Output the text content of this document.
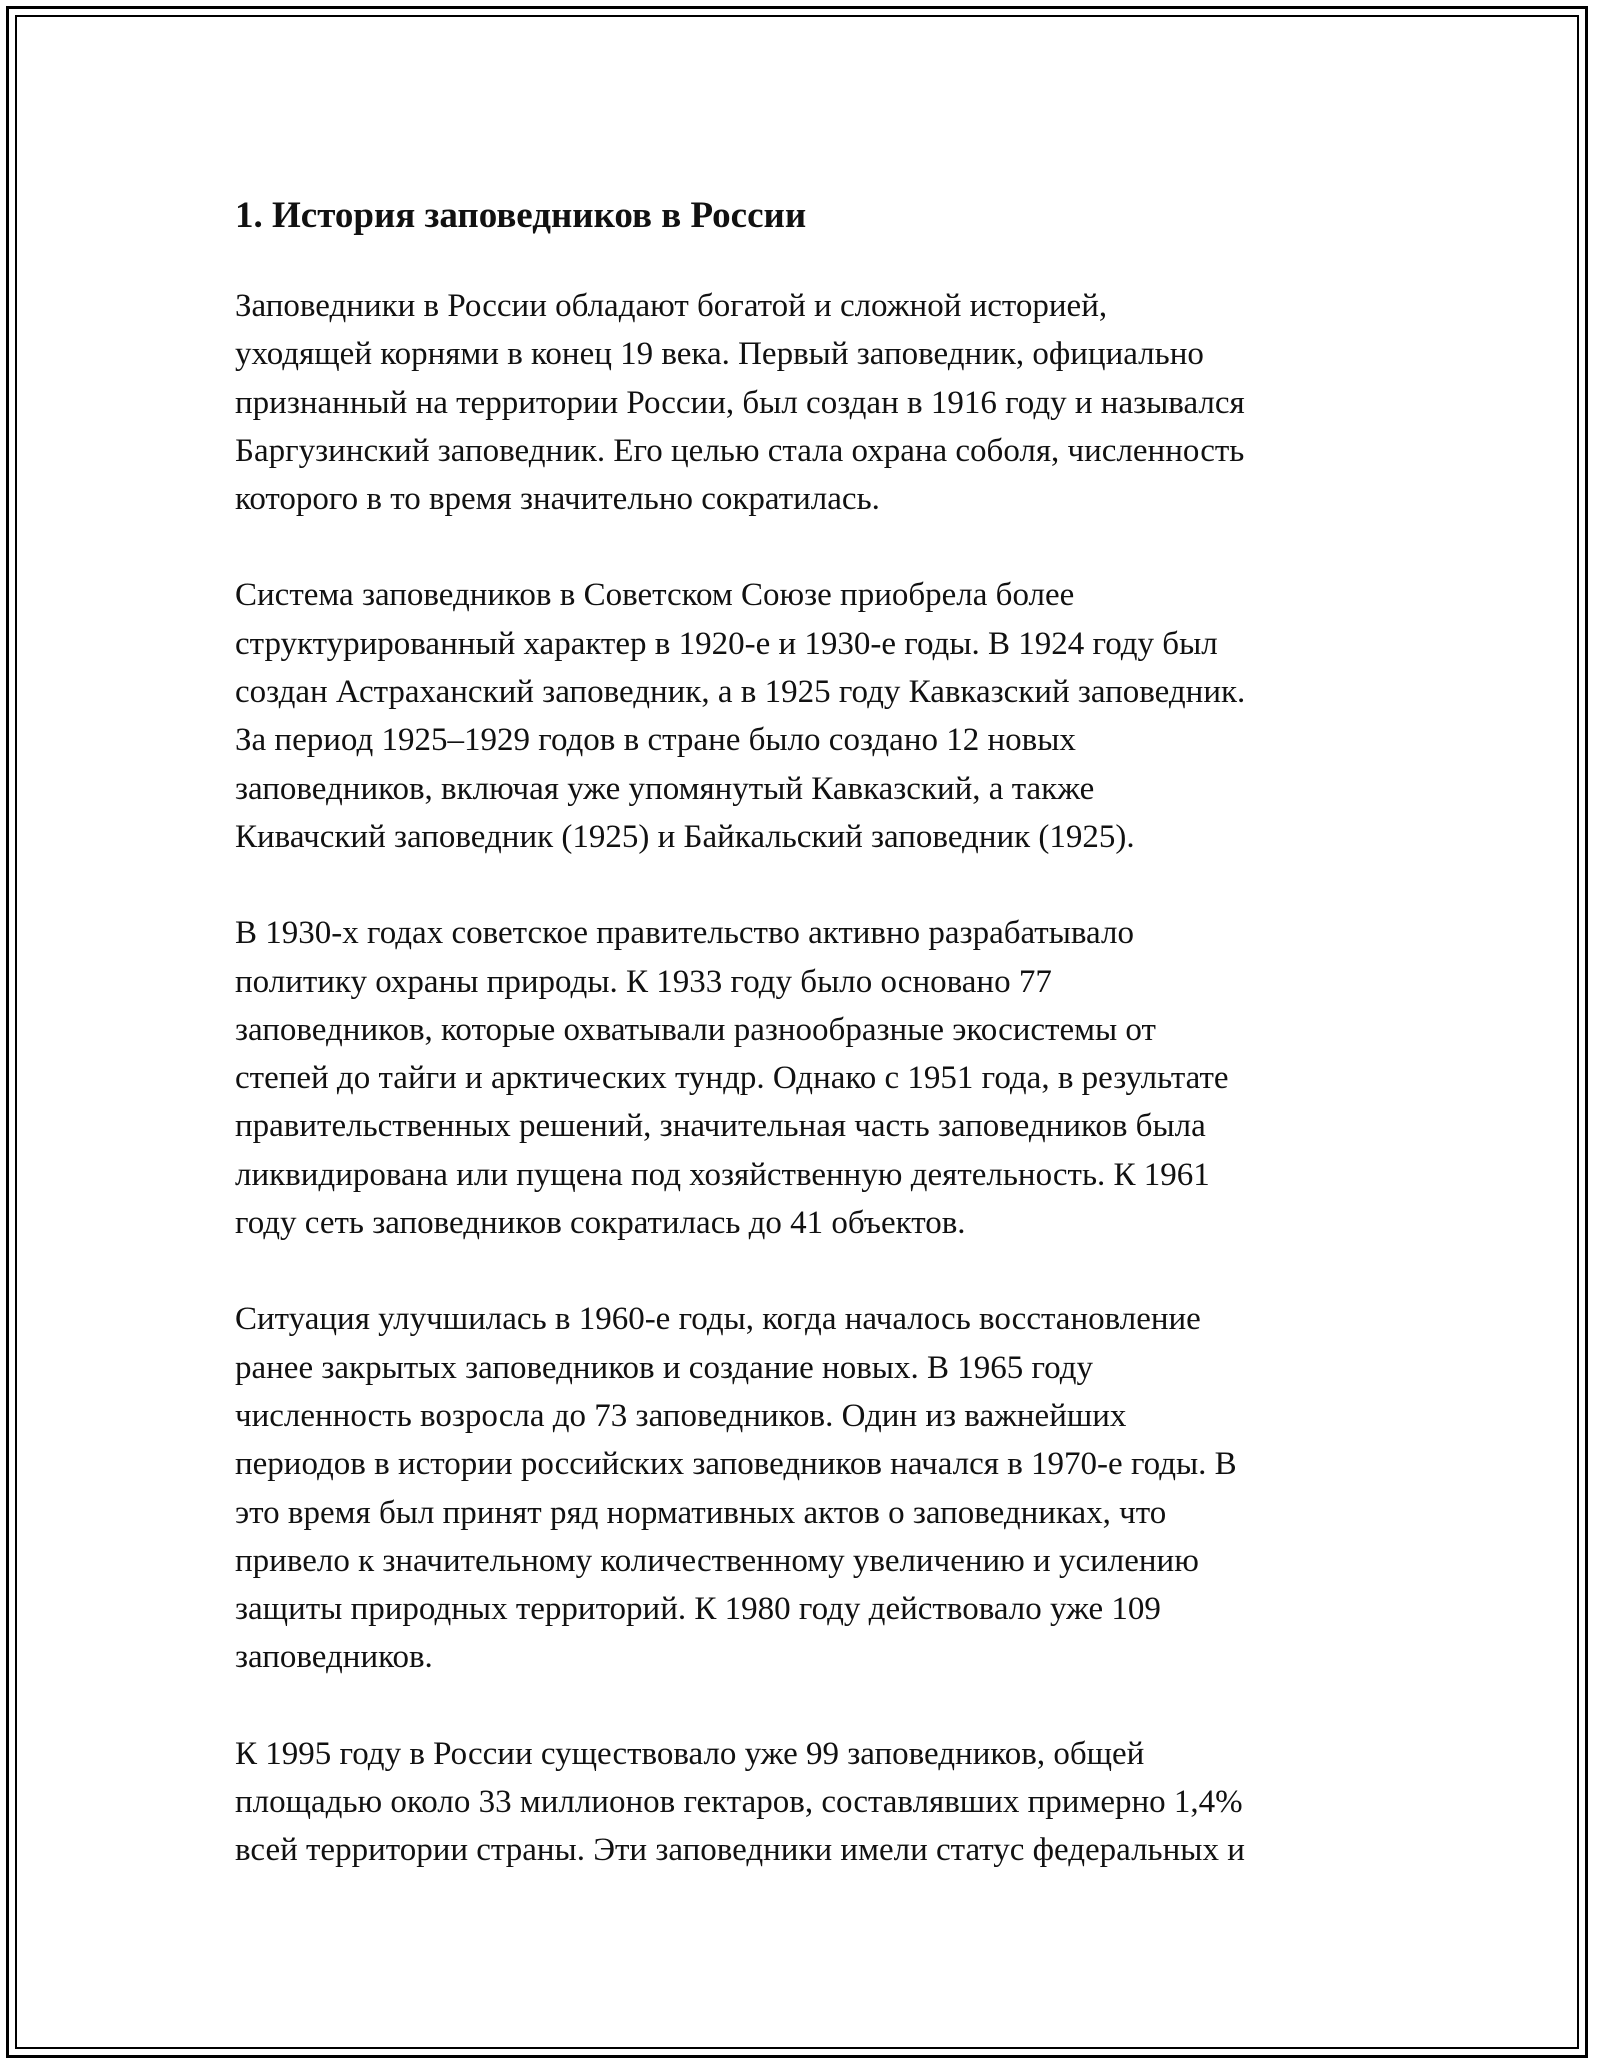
1. История заповедников в России

Заповедники в России обладают богатой и сложной историей,
уходящей корнями в конец 19 века. Первый заповедник, официально
признанный на территории России, был создан в 1916 году и назывался
Баргузинский заповедник. Его целью стала охрана соболя, численность
которого в то время значительно сократилась.

Система заповедников в Советском Союзе приобрела более
структурированный характер в 1920-е и 1930-е годы. В 1924 году был
создан Астраханский заповедник, а в 1925 году Кавказский заповедник.
За период 1925–1929 годов в стране было создано 12 новых
заповедников, включая уже упомянутый Кавказский, а также
Кивачский заповедник (1925) и Байкальский заповедник (1925).

В 1930-х годах советское правительство активно разрабатывало
политику охраны природы. К 1933 году было основано 77
заповедников, которые охватывали разнообразные экосистемы от
степей до тайги и арктических тундр. Однако с 1951 года, в результате
правительственных решений, значительная часть заповедников была
ликвидирована или пущена под хозяйственную деятельность. К 1961
году сеть заповедников сократилась до 41 объектов.

Ситуация улучшилась в 1960-е годы, когда началось восстановление
ранее закрытых заповедников и создание новых. В 1965 году
численность возросла до 73 заповедников. Один из важнейших
периодов в истории российских заповедников начался в 1970-е годы. В
это время был принят ряд нормативных актов о заповедниках, что
привело к значительному количественному увеличению и усилению
защиты природных территорий. К 1980 году действовало уже 109
заповедников.

К 1995 году в России существовало уже 99 заповедников, общей
площадью около 33 миллионов гектаров, составлявших примерно 1,4%
всей территории страны. Эти заповедники имели статус федеральных и
